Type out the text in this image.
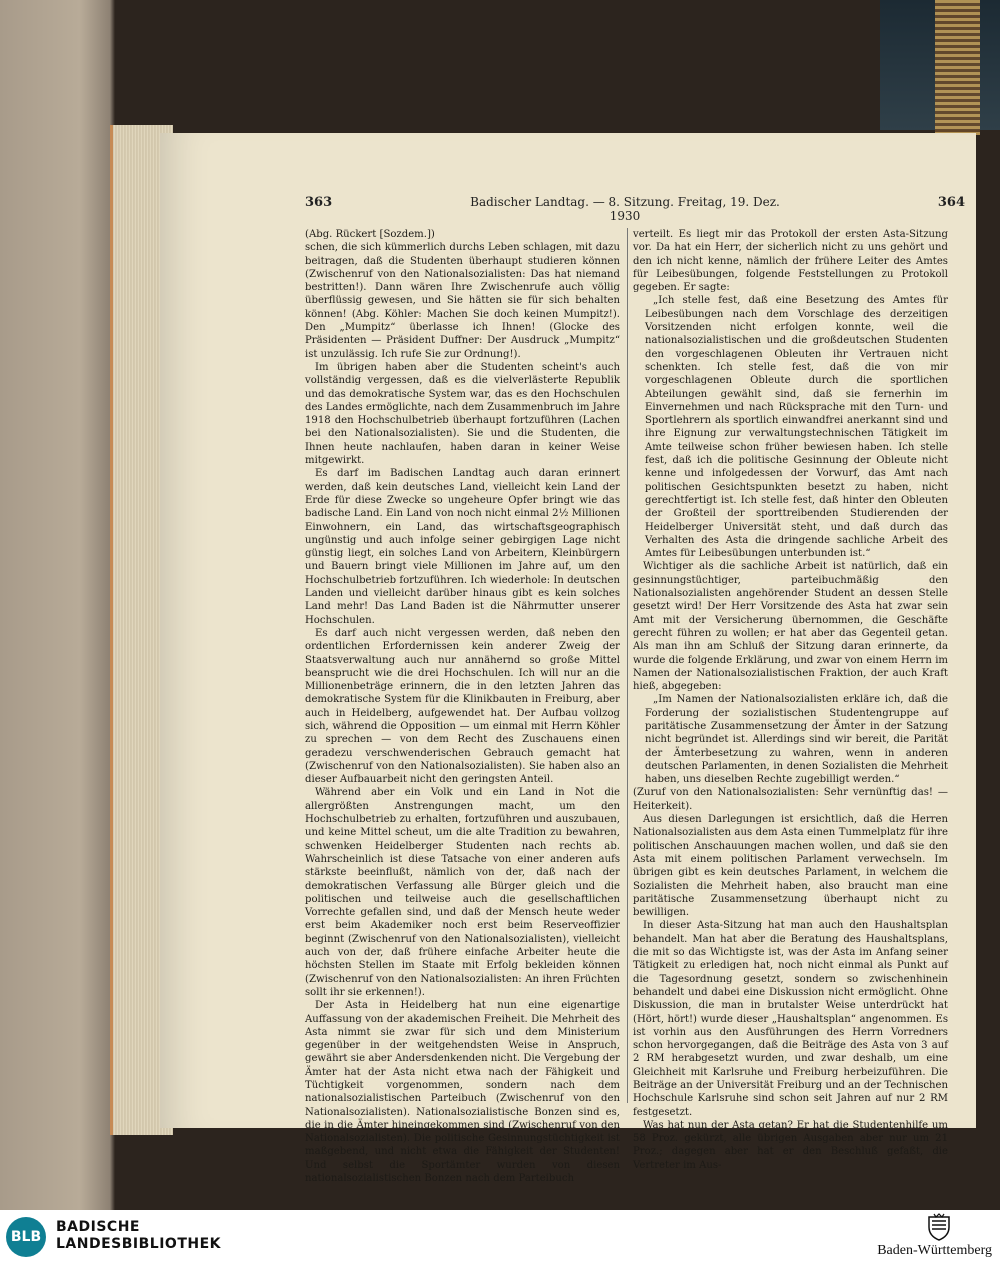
363	Badischer Landtag. — 8. Sitzung. Freitag, 19. Dez. 1930
364

(Abg. Rückert [Sozdem.])

schen, die sich kümmerlich durchs Leben schlagen, mit dazu beitragen, daß die Studenten überhaupt studieren können (Zwischenruf von den Nationalsozialisten: Das hat niemand bestritten!). Dann wären Ihre Zwischenrufe auch völlig überflüssig gewesen, und Sie hätten sie für sich behalten können! (Abg. Köhler: Machen Sie doch keinen Mumpitz!). Den „Mumpitz“ überlasse ich Ihnen! (Glocke des Präsidenten — Präsident Duffner: Der Ausdruck „Mumpitz“ ist unzulässig. Ich rufe Sie zur Ordnung!).

Im übrigen haben aber die Studenten scheint's auch vollständig vergessen, daß es die vielverlästerte Republik und das demokratische System war, das es den Hochschulen des Landes ermöglichte, nach dem Zusammenbruch im Jahre 1918 den Hochschulbetrieb überhaupt fortzuführen (Lachen bei den Nationalsozialisten). Sie und die Studenten, die Ihnen heute nachlaufen, haben daran in keiner Weise mitgewirkt.

Es darf im Badischen Landtag auch daran erinnert werden, daß kein deutsches Land, vielleicht kein Land der Erde für diese Zwecke so ungeheure Opfer bringt wie das badische Land. Ein Land von noch nicht einmal 2½ Millionen Einwohnern, ein Land, das wirtschaftsgeographisch ungünstig und auch infolge seiner gebirgigen Lage nicht günstig liegt, ein solches Land von Arbeitern, Kleinbürgern und Bauern bringt viele Millionen im Jahre auf, um den Hochschulbetrieb fortzuführen. Ich wiederhole: In deutschen Landen und vielleicht darüber hinaus gibt es kein solches Land mehr! Das Land Baden ist die Nährmutter unserer Hochschulen.

Es darf auch nicht vergessen werden, daß neben den ordentlichen Erfordernissen kein anderer Zweig der Staatsverwaltung auch nur annähernd so große Mittel beansprucht wie die drei Hochschulen. Ich will nur an die Millionenbeträge erinnern, die in den letzten Jahren das demokratische System für die Klinikbauten in Freiburg, aber auch in Heidelberg, aufgewendet hat. Der Aufbau vollzog sich, während die Opposition — um einmal mit Herrn Köhler zu sprechen — von dem Recht des Zuschauens einen geradezu verschwenderischen Gebrauch gemacht hat (Zwischenruf von den Nationalsozialisten). Sie haben also an dieser Aufbauarbeit nicht den geringsten Anteil.

Während aber ein Volk und ein Land in Not die allergrößten Anstrengungen macht, um den Hochschulbetrieb zu erhalten, fortzuführen und auszubauen, und keine Mittel scheut, um die alte Tradition zu bewahren, schwenken Heidelberger Studenten nach rechts ab. Wahrscheinlich ist diese Tatsache von einer anderen aufs stärkste beeinflußt, nämlich von der, daß nach der demokratischen Verfassung alle Bürger gleich und die politischen und teilweise auch die gesellschaftlichen Vorrechte gefallen sind, und daß der Mensch heute weder erst beim Akademiker noch erst beim Reserveoffizier beginnt (Zwischenruf von den Nationalsozialisten), vielleicht auch von der, daß frühere einfache Arbeiter heute die höchsten Stellen im Staate mit Erfolg bekleiden können (Zwischenruf von den Nationalsozialisten: An ihren Früchten sollt ihr sie erkennen!).

Der Asta in Heidelberg hat nun eine eigenartige Auffassung von der akademischen Freiheit. Die Mehrheit des Asta nimmt sie zwar für sich und dem Ministerium gegenüber in der weitgehendsten Weise in Anspruch, gewährt sie aber Andersdenkenden nicht. Die Vergebung der Ämter hat der Asta nicht etwa nach der Fähigkeit und Tüchtigkeit vorgenommen, sondern nach dem nationalsozialistischen Parteibuch (Zwischenruf von den Nationalsozialisten). Nationalsozialistische Bonzen sind es, die in die Ämter hineingekommen sind (Zwischenruf von den Nationalsozialisten). Die politische Gesinnungstüchtigkeit ist maßgebend, und nicht etwa die Fähigkeit der Studenten! Und selbst die Sportämter wurden von diesen nationalsozialistischen Bonzen nach dem Parteibuch

verteilt. Es liegt mir das Protokoll der ersten Asta-Sitzung vor. Da hat ein Herr, der sicherlich nicht zu uns gehört und den ich nicht kenne, nämlich der frühere Leiter des Amtes für Leibesübungen, folgende Feststellungen zu Protokoll gegeben. Er sagte:

„Ich stelle fest, daß eine Besetzung des Amtes für Leibesübungen nach dem Vorschlage des derzeitigen Vorsitzenden nicht erfolgen konnte, weil die nationalsozialistischen und die großdeutschen Studenten den vorgeschlagenen Obleuten ihr Vertrauen nicht schenkten. Ich stelle fest, daß die von mir vorgeschlagenen Obleute durch die sportlichen Abteilungen gewählt sind, daß sie fernerhin im Einvernehmen und nach Rücksprache mit den Turn- und Sportlehrern als sportlich einwandfrei anerkannt sind und ihre Eignung zur verwaltungstechnischen Tätigkeit im Amte teilweise schon früher bewiesen haben. Ich stelle fest, daß ich die politische Gesinnung der Obleute nicht kenne und infolgedessen der Vorwurf, das Amt nach politischen Gesichtspunkten besetzt zu haben, nicht gerechtfertigt ist. Ich stelle fest, daß hinter den Obleuten der Großteil der sporttreibenden Studierenden der Heidelberger Universität steht, und daß durch das Verhalten des Asta die dringende sachliche Arbeit des Amtes für Leibesübungen unterbunden ist.“

Wichtiger als die sachliche Arbeit ist natürlich, daß ein gesinnungstüchtiger, parteibuchmäßig den Nationalsozialisten angehörender Student an dessen Stelle gesetzt wird! Der Herr Vorsitzende des Asta hat zwar sein Amt mit der Versicherung übernommen, die Geschäfte gerecht führen zu wollen; er hat aber das Gegenteil getan. Als man ihn am Schluß der Sitzung daran erinnerte, da wurde die folgende Erklärung, und zwar von einem Herrn im Namen der Nationalsozialistischen Fraktion, der auch Kraft hieß, abgegeben:

„Im Namen der Nationalsozialisten erkläre ich, daß die Forderung der sozialistischen Studentengruppe auf paritätische Zusammensetzung der Ämter in der Satzung nicht begründet ist. Allerdings sind wir bereit, die Parität der Ämterbesetzung zu wahren, wenn in anderen deutschen Parlamenten, in denen Sozialisten die Mehrheit haben, uns dieselben Rechte zugebilligt werden.“

(Zuruf von den Nationalsozialisten: Sehr vernünftig das! — Heiterkeit).

Aus diesen Darlegungen ist ersichtlich, daß die Herren Nationalsozialisten aus dem Asta einen Tummelplatz für ihre politischen Anschauungen machen wollen, und daß sie den Asta mit einem politischen Parlament verwechseln. Im übrigen gibt es kein deutsches Parlament, in welchem die Sozialisten die Mehrheit haben, also braucht man eine paritätische Zusammensetzung überhaupt nicht zu bewilligen.

In dieser Asta-Sitzung hat man auch den Haushaltsplan behandelt. Man hat aber die Beratung des Haushaltsplans, die mit so das Wichtigste ist, was der Asta im Anfang seiner Tätigkeit zu erledigen hat, noch nicht einmal als Punkt auf die Tagesordnung gesetzt, sondern so zwischenhinein behandelt und dabei eine Diskussion nicht ermöglicht. Ohne Diskussion, die man in brutalster Weise unterdrückt hat (Hört, hört!) wurde dieser „Haushaltsplan“ angenommen. Es ist vorhin aus den Ausführungen des Herrn Vorredners schon hervorgegangen, daß die Beiträge des Asta von 3 auf 2 RM herabgesetzt wurden, und zwar deshalb, um eine Gleichheit mit Karlsruhe und Freiburg herbeizuführen. Die Beiträge an der Universität Freiburg und an der Technischen Hochschule Karlsruhe sind schon seit Jahren auf nur 2 RM festgesetzt.

Was hat nun der Asta getan? Er hat die Studentenhilfe um 58 Proz. gekürzt, alle übrigen Ausgaben aber nur um 21 Proz.; dagegen aber hat er den Beschluß gefaßt, die Vertreter im Aus-

BLB
BADISCHE
LANDESBIBLIOTHEK	Baden-Württemberg
